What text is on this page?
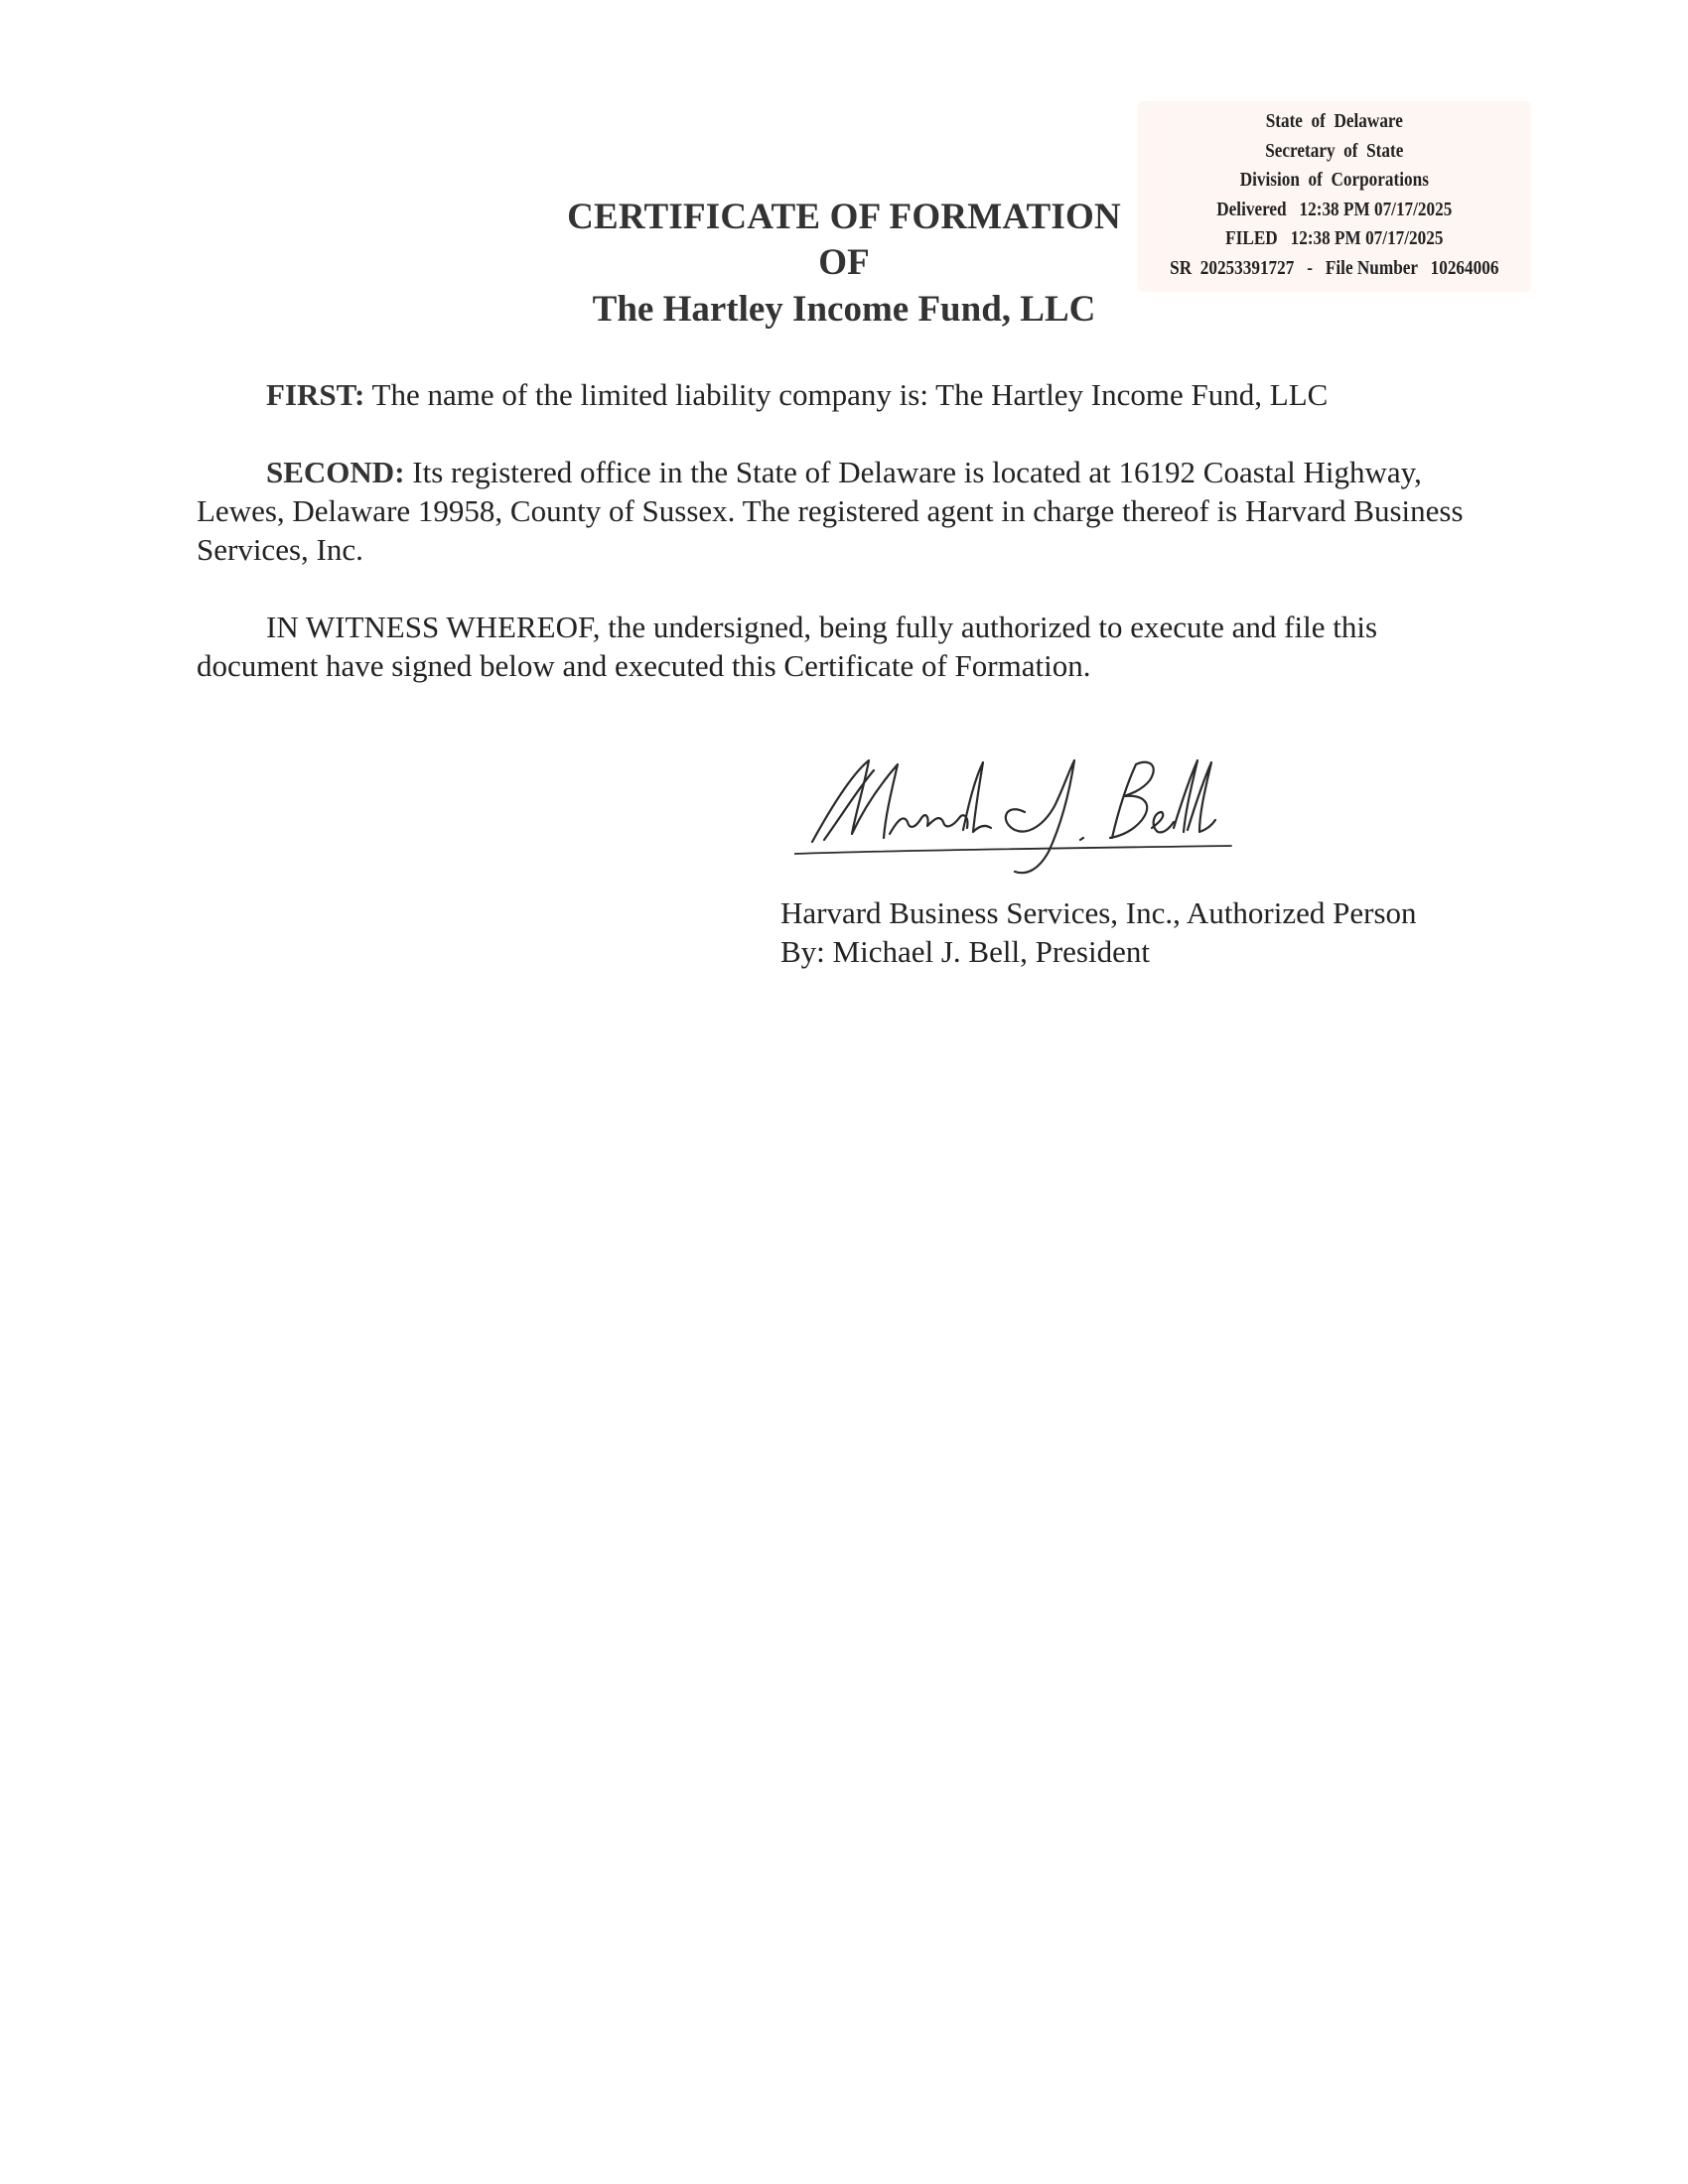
State  of  Delaware
Secretary  of  State
Division  of  Corporations
Delivered   12:38 PM 07/17/2025
FILED   12:38 PM 07/17/2025
SR  20253391727   -   File Number   10264006
CERTIFICATE OF FORMATION
OF
The Hartley Income Fund, LLC
FIRST: The name of the limited liability company is: The Hartley Income Fund, LLC
SECOND: Its registered office in the State of Delaware is located at 16192 Coastal Highway, Lewes, Delaware 19958, County of Sussex. The registered agent in charge thereof is Harvard Business Services, Inc.
IN WITNESS WHEREOF, the undersigned, being fully authorized to execute and file this document have signed below and executed this Certificate of Formation.
Harvard Business Services, Inc., Authorized Person
By: Michael J. Bell, President
